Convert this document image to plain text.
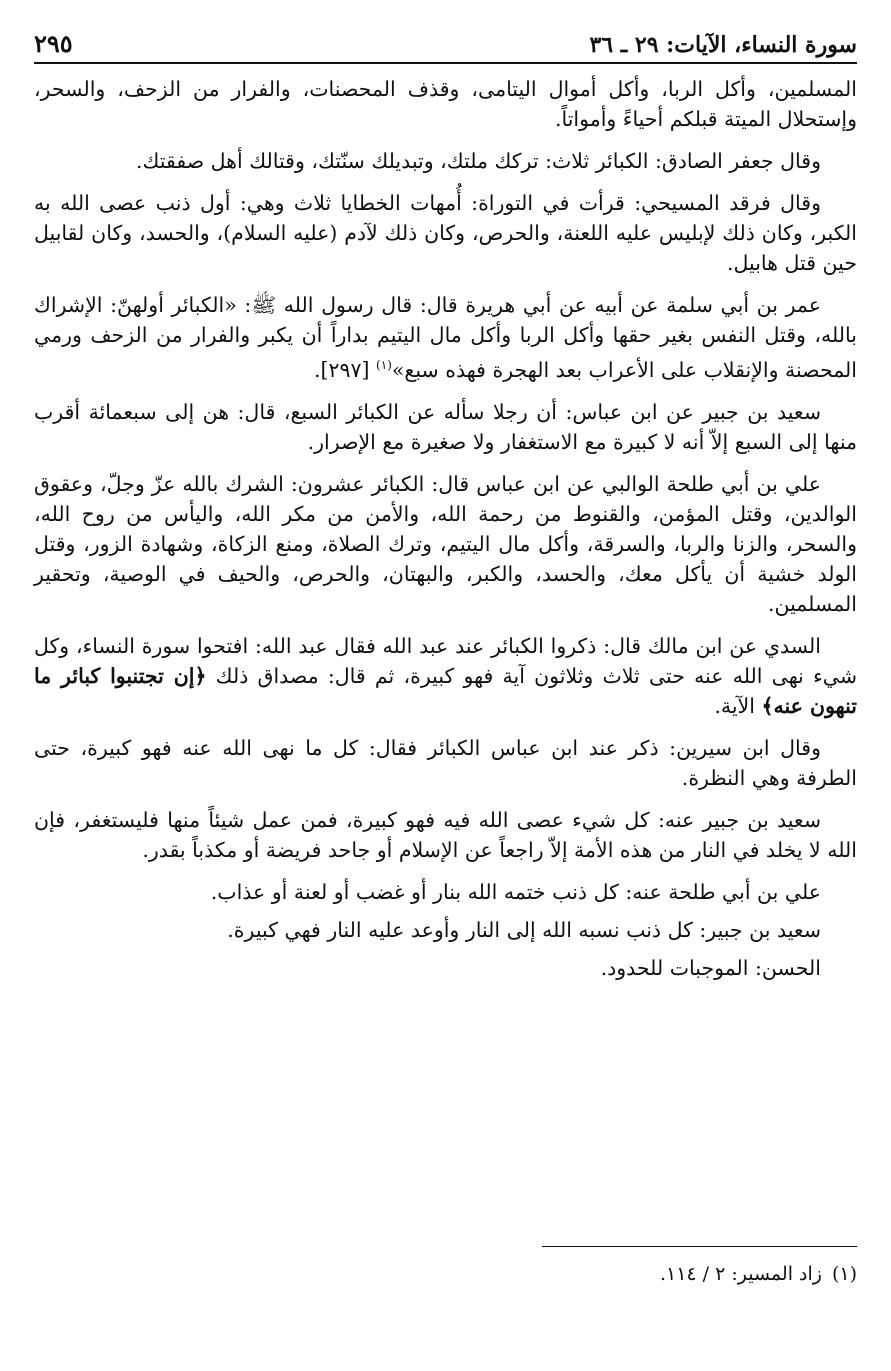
سورة النساء، الآيات: ٢٩ ـ ٣٦
٢٩٥

المسلمين، وأكل الربا، وأكل أموال اليتامى، وقذف المحصنات، والفرار من الزحف، والسحر، وإستحلال الميتة قبلكم أحياءً وأمواتاً.

وقال جعفر الصادق: الكبائر ثلاث: تركك ملتك، وتبديلك سنّتك، وقتالك أهل صفقتك.

وقال فرقد المسيحي: قرأت في التوراة: أُمهات الخطايا ثلاث وهي: أول ذنب عصى الله به الكبر، وكان ذلك لإبليس عليه اللعنة، والحرص، وكان ذلك لآدم (عليه السلام)، والحسد، وكان لقابيل حين قتل هابيل.

عمر بن أبي سلمة عن أبيه عن أبي هريرة قال: قال رسول الله ﷺ: «الكبائر أولهنّ: الإشراك بالله، وقتل النفس بغير حقها وأكل الربا وأكل مال اليتيم بداراً أن يكبر والفرار من الزحف ورمي المحصنة والإنقلاب على الأعراب بعد الهجرة فهذه سبع»$^{(١)}$ [٢٩٧].

سعيد بن جبير عن ابن عباس: أن رجلا سأله عن الكبائر السبع، قال: هن إلى سبعمائة أقرب منها إلى السبع إلاّ أنه لا كبيرة مع الاستغفار ولا صغيرة مع الإصرار.

علي بن أبي طلحة الوالبي عن ابن عباس قال: الكبائر عشرون: الشرك بالله عزّ وجلّ، وعقوق الوالدين، وقتل المؤمن، والقنوط من رحمة الله، والأمن من مكر الله، واليأس من روح الله، والسحر، والزنا والربا، والسرقة، وأكل مال اليتيم، وترك الصلاة، ومنع الزكاة، وشهادة الزور، وقتل الولد خشية أن يأكل معك، والحسد، والكبر، والبهتان، والحرص، والحيف في الوصية، وتحقير المسلمين.

السدي عن ابن مالك قال: ذكروا الكبائر عند عبد الله فقال عبد الله: افتحوا سورة النساء، وكل شيء نهى الله عنه حتى ثلاث وثلاثون آية فهو كبيرة، ثم قال: مصداق ذلك ﴿إن تجتنبوا كبائر ما تنهون عنه﴾ الآية.

وقال ابن سيرين: ذكر عند ابن عباس الكبائر فقال: كل ما نهى الله عنه فهو كبيرة، حتى الطرفة وهي النظرة.

سعيد بن جبير عنه: كل شيء عصى الله فيه فهو كبيرة، فمن عمل شيئاً منها فليستغفر، فإن الله لا يخلد في النار من هذه الأمة إلاّ راجعاً عن الإسلام أو جاحد فريضة أو مكذباً بقدر.

علي بن أبي طلحة عنه: كل ذنب ختمه الله بنار أو غضب أو لعنة أو عذاب.

سعيد بن جبير: كل ذنب نسبه الله إلى النار وأوعد عليه النار فهي كبيرة.

الحسن: الموجبات للحدود.

(١)زاد المسير: ٢ / ١١٤.
